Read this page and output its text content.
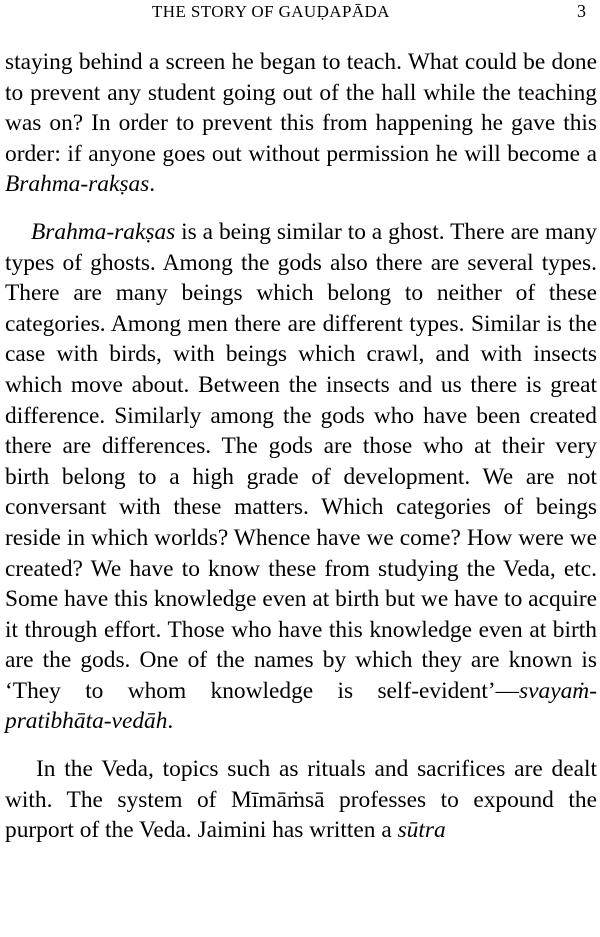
THE STORY OF GAUḌAPĀDA	3

staying behind a screen he began to teach. What could be done to prevent any student going out of the hall while the teaching was on? In order to prevent this from happening he gave this order: if anyone goes out without permission he will become a Brahma-rakṣas.

Brahma-rakṣas is a being similar to a ghost. There are many types of ghosts. Among the gods also there are several types. There are many beings which belong to neither of these categories. Among men there are different types. Similar is the case with birds, with beings which crawl, and with insects which move about. Between the insects and us there is great difference. Similarly among the gods who have been created there are differences. The gods are those who at their very birth belong to a high grade of development. We are not conversant with these matters. Which categories of beings reside in which worlds? Whence have we come? How were we created? We have to know these from studying the Veda, etc. Some have this knowledge even at birth but we have to acquire it through effort. Those who have this knowledge even at birth are the gods. One of the names by which they are known is ‘They to whom knowledge is self-evident’—svayaṁ-pratibhāta-vedāh.

In the Veda, topics such as rituals and sacrifices are dealt with. The system of Mīmāṁsā professes to expound the purport of the Veda. Jaimini has written a sūtra
